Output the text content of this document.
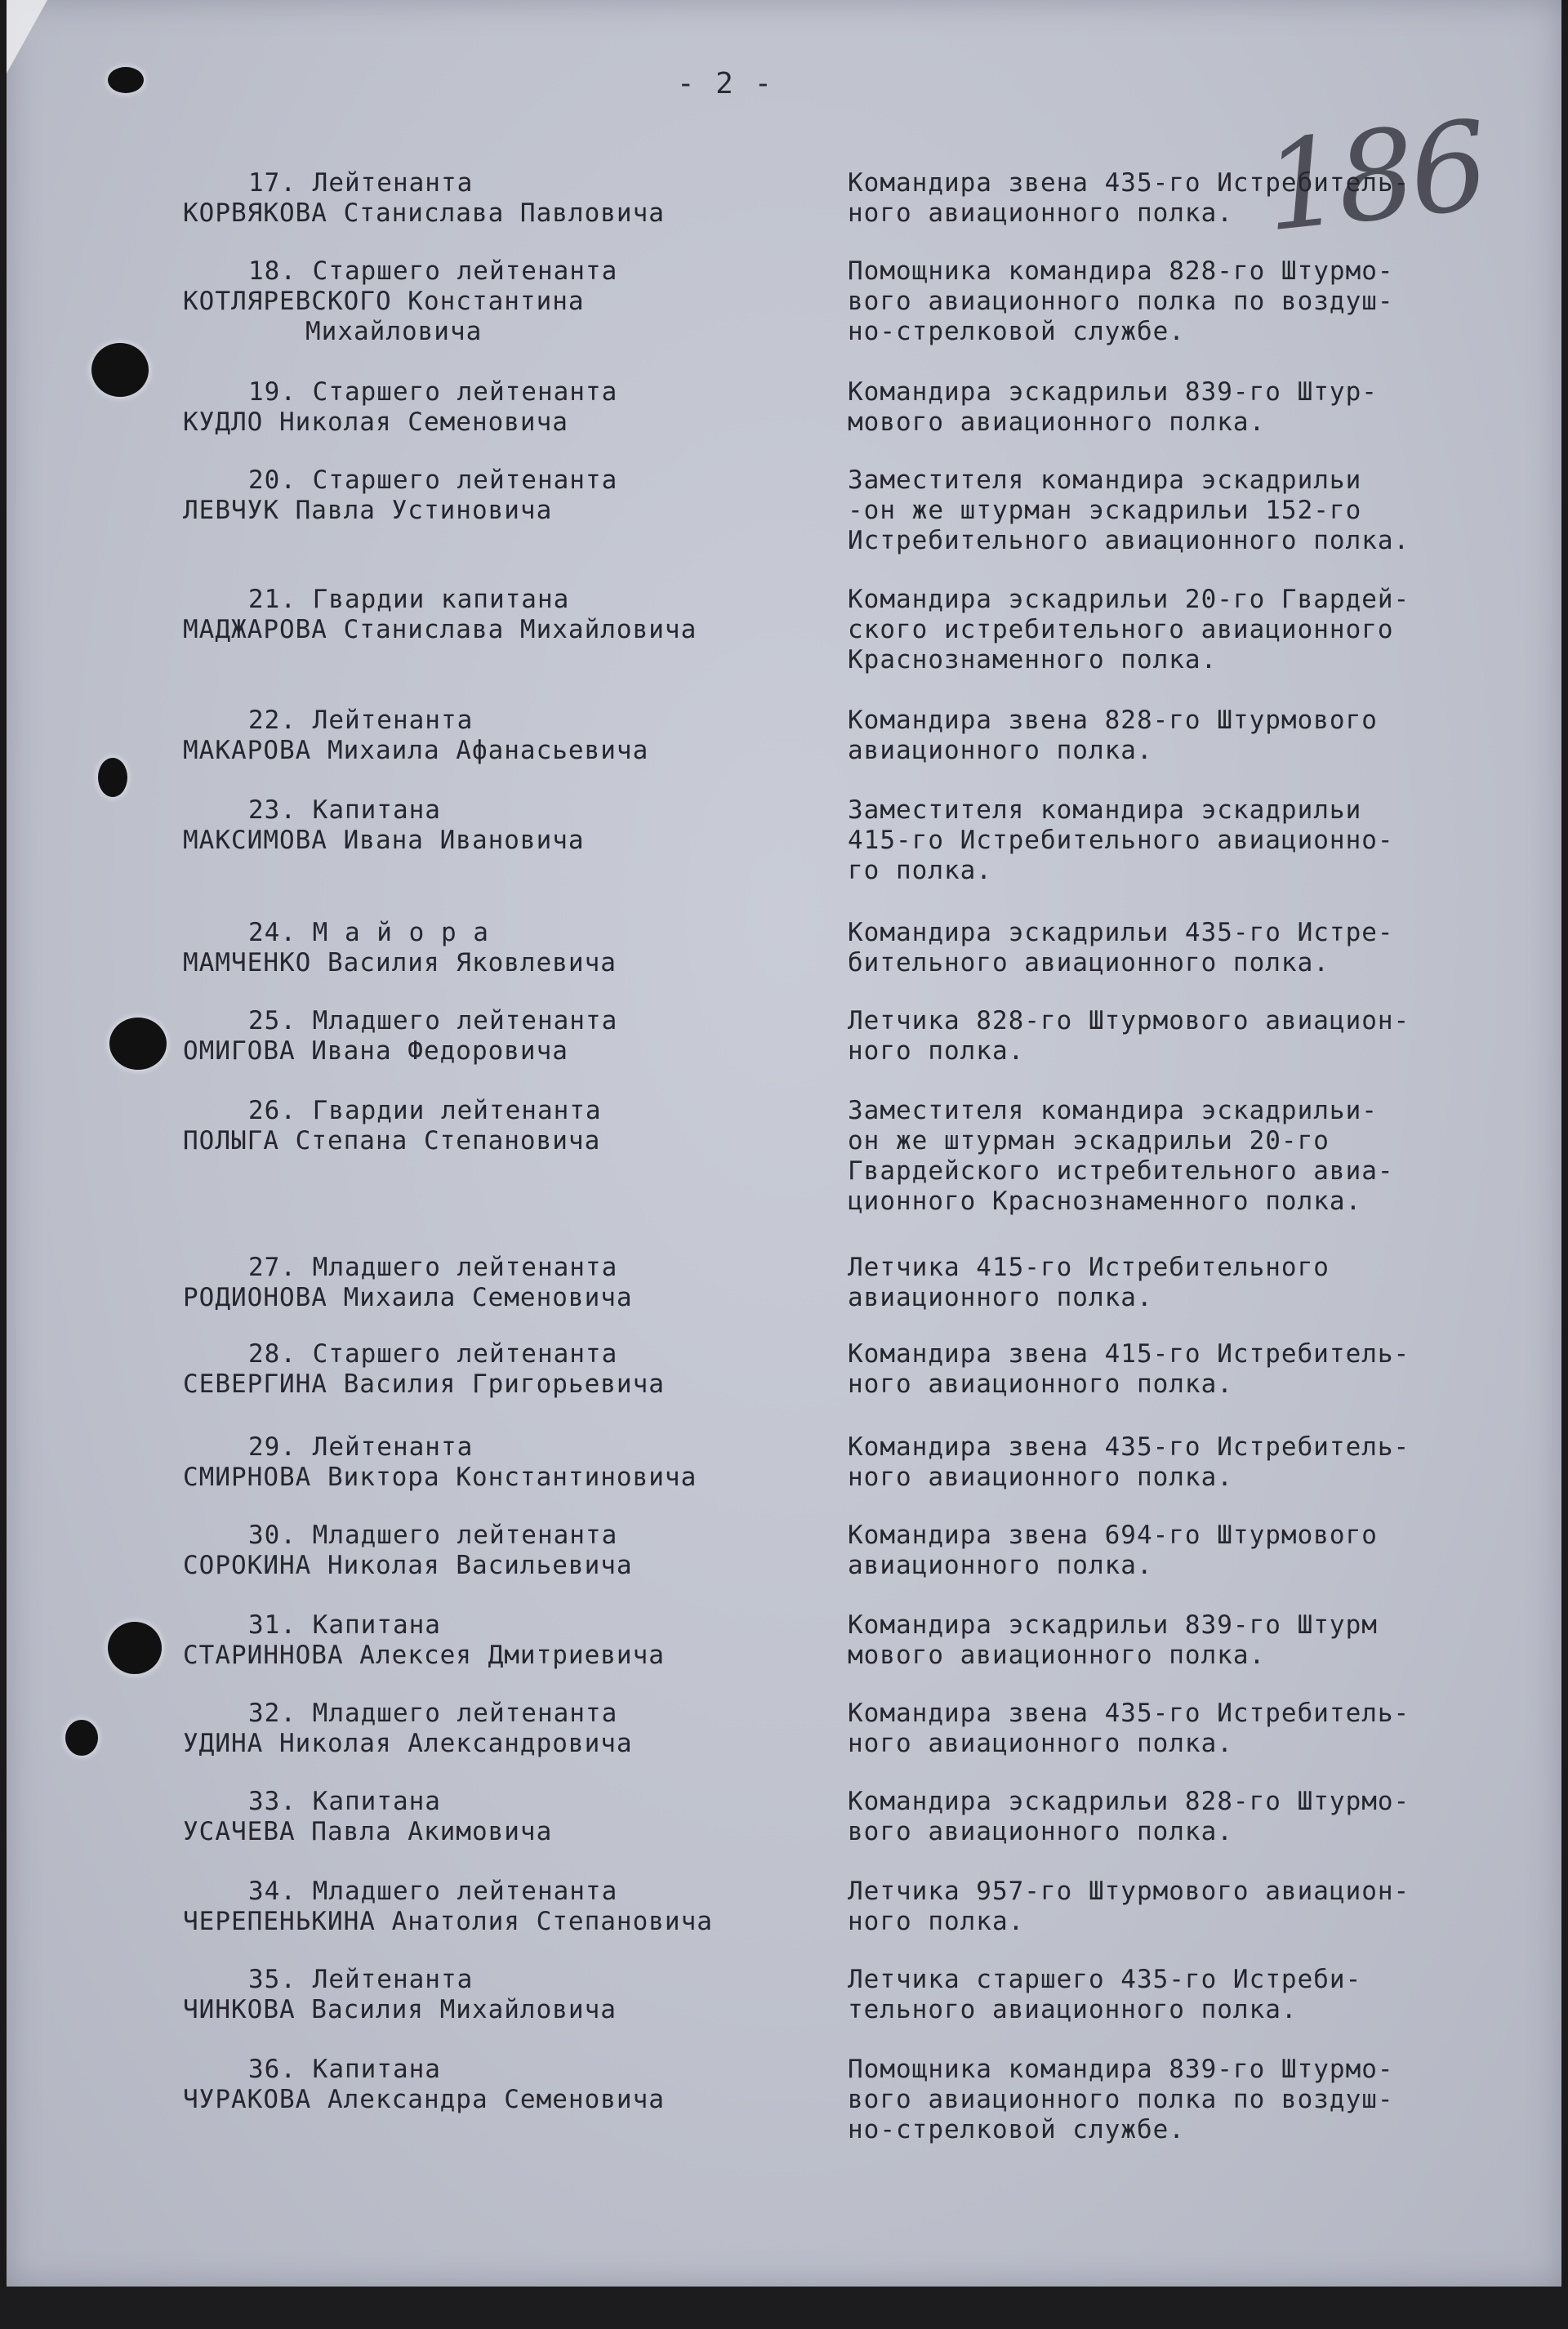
- 2 -
186
17. Лейтенанта
КОРВЯКОВА Станислава Павловича
Командира звена 435-го Истребитель-
ного авиационного полка.
18. Старшего лейтенанта
КОТЛЯРЕВСКОГО Константина
Михайловича
Помощника командира 828-го Штурмо-
вого авиационного полка по воздуш-
но-стрелковой службе.
19. Старшего лейтенанта
КУДЛО Николая Семеновича
Командира эскадрильи 839-го Штур-
мового авиационного полка.
20. Старшего лейтенанта
ЛЕВЧУК Павла Устиновича
Заместителя командира эскадрильи
-он же штурман эскадрильи 152-го
Истребительного авиационного полка.
21. Гвардии капитана
МАДЖАРОВА Станислава Михайловича
Командира эскадрильи 20-го Гвардей-
ского истребительного авиационного
Краснознаменного полка.
22. Лейтенанта
МАКАРОВА Михаила Афанасьевича
Командира звена 828-го Штурмового
авиационного полка.
23. Капитана
МАКСИМОВА Ивана Ивановича
Заместителя командира эскадрильи
415-го Истребительного авиационно-
го полка.
24. М а й о р а
МАМЧЕНКО Василия Яковлевича
Командира эскадрильи 435-го Истре-
бительного авиационного полка.
25. Младшего лейтенанта
ОМИГОВА Ивана Федоровича
Летчика 828-го Штурмового авиацион-
ного полка.
26. Гвардии лейтенанта
ПОЛЫГА Степана Степановича
Заместителя командира эскадрильи-
он же штурман эскадрильи 20-го
Гвардейского истребительного авиа-
ционного Краснознаменного полка.
27. Младшего лейтенанта
РОДИОНОВА Михаила Семеновича
Летчика 415-го Истребительного
авиационного полка.
28. Старшего лейтенанта
СЕВЕРГИНА Василия Григорьевича
Командира звена 415-го Истребитель-
ного авиационного полка.
29. Лейтенанта
СМИРНОВА Виктора Константиновича
Командира звена 435-го Истребитель-
ного авиационного полка.
30. Младшего лейтенанта
СОРОКИНА Николая Васильевича
Командира звена 694-го Штурмового
авиационного полка.
31. Капитана
СТАРИННОВА Алексея Дмитриевича
Командира эскадрильи 839-го Штурм
мового авиационного полка.
32. Младшего лейтенанта
УДИНА Николая Александровича
Командира звена 435-го Истребитель-
ного авиационного полка.
33. Капитана
УСАЧЕВА Павла Акимовича
Командира эскадрильи 828-го Штурмо-
вого авиационного полка.
34. Младшего лейтенанта
ЧЕРЕПЕНЬКИНА Анатолия Степановича
Летчика 957-го Штурмового авиацион-
ного полка.
35. Лейтенанта
ЧИНКОВА Василия Михайловича
Летчика старшего 435-го Истреби-
тельного авиационного полка.
36. Капитана
ЧУРАКОВА Александра Семеновича
Помощника командира 839-го Штурмо-
вого авиационного полка по воздуш-
но-стрелковой службе.
